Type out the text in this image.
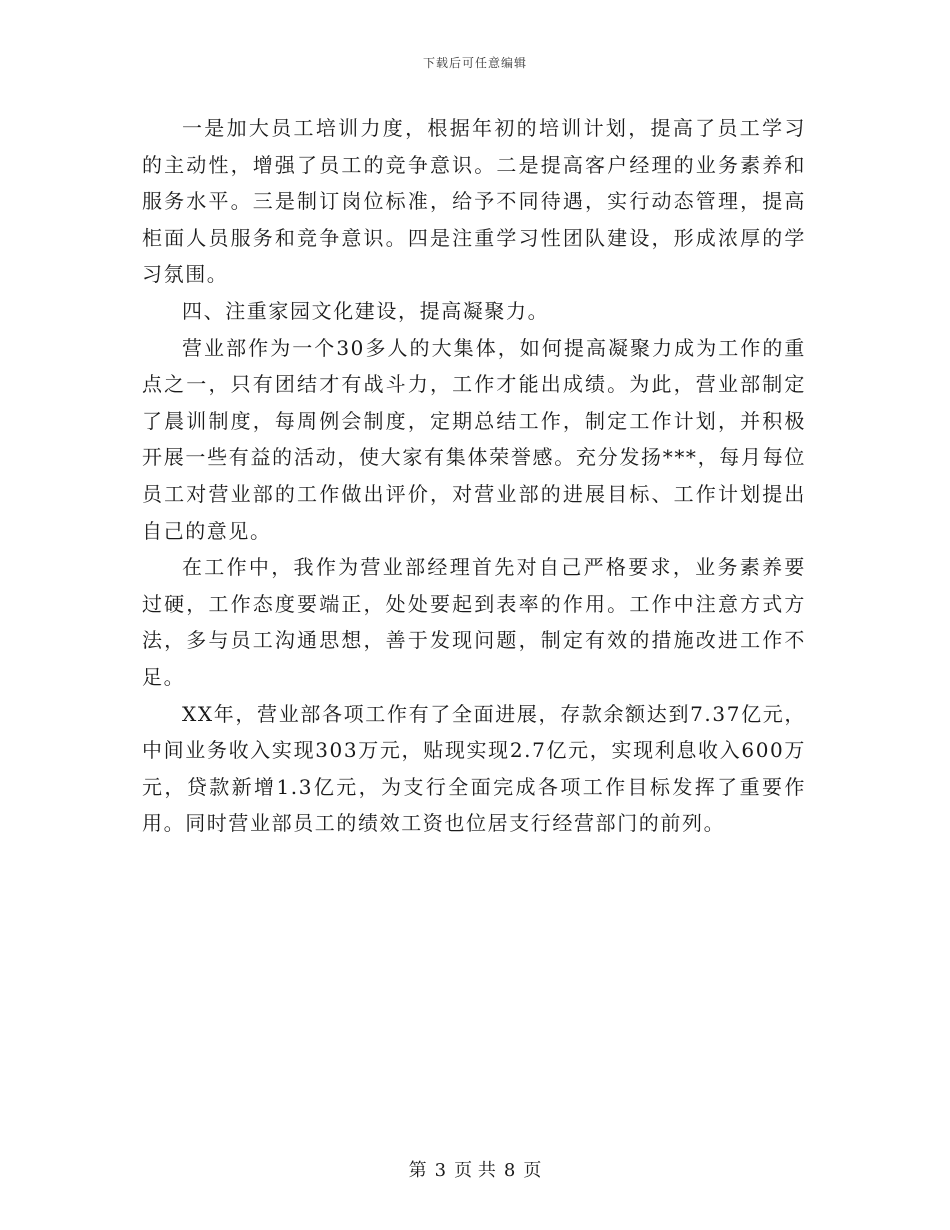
下载后可任意编辑

一是加大员工培训力度，根据年初的培训计划，提高了员工学习的主动性，增强了员工的竞争意识。二是提高客户经理的业务素养和服务水平。三是制订岗位标准，给予不同待遇，实行动态管理，提高柜面人员服务和竞争意识。四是注重学习性团队建设，形成浓厚的学习氛围。

四、注重家园文化建设，提高凝聚力。

营业部作为一个30多人的大集体，如何提高凝聚力成为工作的重点之一，只有团结才有战斗力，工作才能出成绩。为此，营业部制定了晨训制度，每周例会制度，定期总结工作，制定工作计划，并积极开展一些有益的活动，使大家有集体荣誉感。充分发扬***，每月每位员工对营业部的工作做出评价，对营业部的进展目标、工作计划提出自己的意见。

在工作中，我作为营业部经理首先对自己严格要求，业务素养要过硬，工作态度要端正，处处要起到表率的作用。工作中注意方式方法，多与员工沟通思想，善于发现问题，制定有效的措施改进工作不足。

XX年，营业部各项工作有了全面进展，存款余额达到7.37亿元，中间业务收入实现303万元，贴现实现2.7亿元，实现利息收入600万元，贷款新增1.3亿元，为支行全面完成各项工作目标发挥了重要作用。同时营业部员工的绩效工资也位居支行经营部门的前列。

第 3 页 共 8 页
